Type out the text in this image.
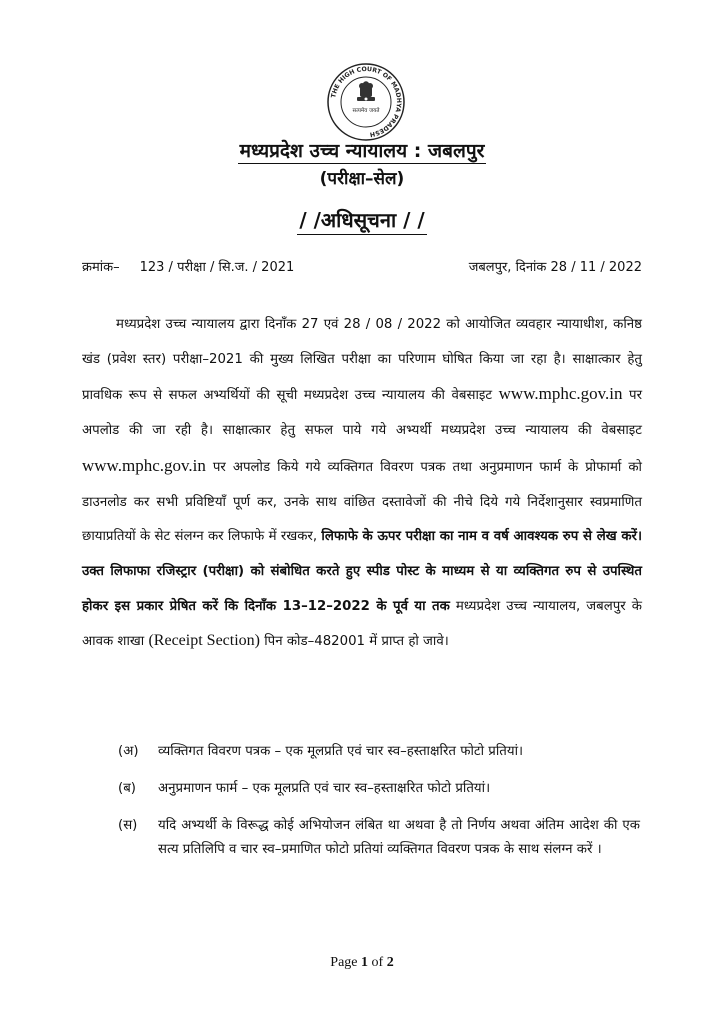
THE HIGH COURT OF MADHYA PRADESH
सत्यमेव जयते
मध्यप्रदेश उच्च न्यायालय : जबलपुर
(परीक्षा–सेल)
/ /अधिसूचना / /
क्रमांक– 123 / परीक्षा / सि.ज. / 2021	जबलपुर, दिनांक 28 / 11 / 2022
मध्यप्रदेश उच्च न्यायालय द्वारा दिनाँक 27 एवं 28 / 08 / 2022 को आयोजित व्यवहार न्यायाधीश, कनिष्ठ खंड (प्रवेश स्तर) परीक्षा–2021 की मुख्य लिखित परीक्षा का परिणाम घोषित किया जा रहा है। साक्षात्कार हेतु प्रावधिक रूप से सफल अभ्यर्थियों की सूची मध्यप्रदेश उच्च न्यायालय की वेबसाइट www.mphc.gov.in पर अपलोड की जा रही है। साक्षात्कार हेतु सफल पाये गये अभ्यर्थी मध्यप्रदेश उच्च न्यायालय की वेबसाइट www.mphc.gov.in पर अपलोड किये गये व्यक्तिगत विवरण पत्रक तथा अनुप्रमाणन फार्म के प्रोफार्मा को डाउनलोड कर सभी प्रविष्टियाँ पूर्ण कर, उनके साथ वांछित दस्तावेजों की नीचे दिये गये निर्देशानुसार स्वप्रमाणित छायाप्रतियों के सेट संलग्न कर लिफाफे में रखकर, लिफाफे के ऊपर परीक्षा का नाम व वर्ष आवश्यक रुप से लेख करें। उक्त लिफाफा रजिस्ट्रार (परीक्षा) को संबोधित करते हुए स्पीड पोस्ट के माध्यम से या व्यक्तिगत रुप से उपस्थित होकर इस प्रकार प्रेषित करें कि दिनाँक 13–12–2022 के पूर्व या तक मध्यप्रदेश उच्च न्यायालय, जबलपुर के आवक शाखा (Receipt Section) पिन कोड–482001 में प्राप्त हो जावे।
(अ)	व्यक्तिगत विवरण पत्रक – एक मूलप्रति एवं चार स्व–हस्ताक्षरित फोटो प्रतियां।
(ब)	अनुप्रमाणन फार्म – एक मूलप्रति एवं चार स्व–हस्ताक्षरित फोटो प्रतियां।
(स)	यदि अभ्यर्थी के विरूद्ध कोई अभियोजन लंबित था अथवा है तो निर्णय अथवा अंतिम आदेश की एक सत्य प्रतिलिपि व चार स्व–प्रमाणित फोटो प्रतियां व्यक्तिगत विवरण पत्रक के साथ संलग्न करें ।
Page 1 of 2
